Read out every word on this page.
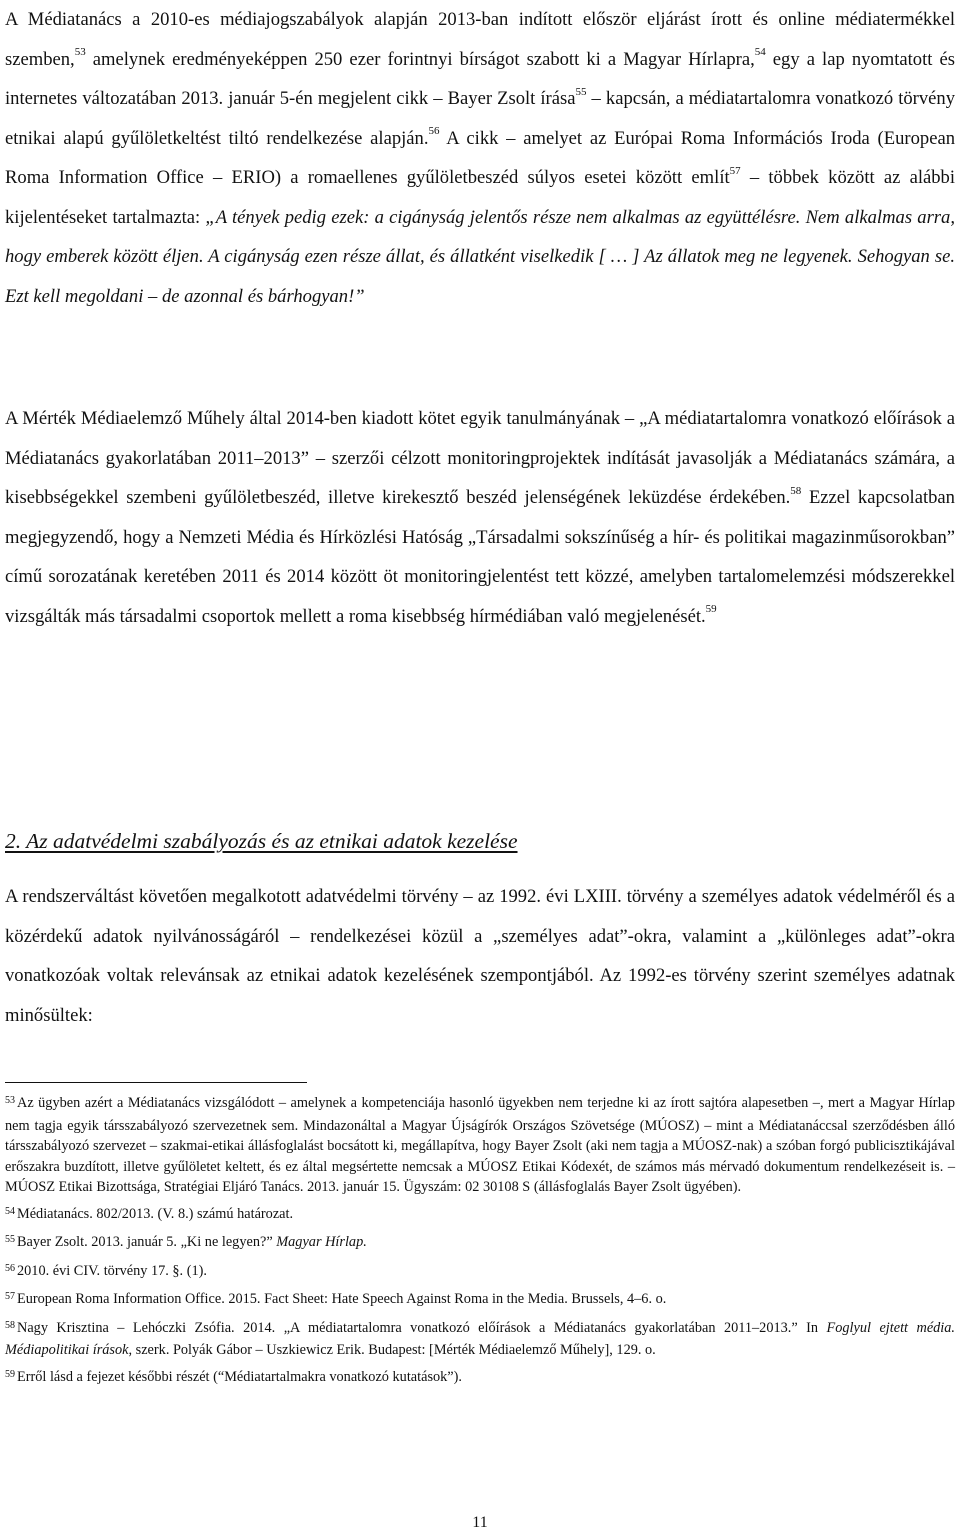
A Médiatanács a 2010-es médiajogszabályok alapján 2013-ban indított először eljárást írott és online médiatermékkel szemben,$^{53}$ amelynek eredményeképpen 250 ezer forintnyi bírságot szabott ki a Magyar Hírlapra,$^{54}$ egy a lap nyomtatott és internetes változatában 2013. január 5-én megjelent cikk – Bayer Zsolt írása$^{55}$ – kapcsán, a médiatartalomra vonatkozó törvény etnikai alapú gyűlöletkeltést tiltó rendelkezése alapján.$^{56}$ A cikk – amelyet az Európai Roma Információs Iroda (European Roma Information Office – ERIO) a romaellenes gyűlöletbeszéd súlyos esetei között említ$^{57}$ – többek között az alábbi kijelentéseket tartalmazta: „A tények pedig ezek: a cigányság jelentős része nem alkalmas az együttélésre. Nem alkalmas arra, hogy emberek között éljen. A cigányság ezen része állat, és állatként viselkedik [ … ] Az állatok meg ne legyenek. Sehogyan se. Ezt kell megoldani – de azonnal és bárhogyan!”

A Mérték Médiaelemző Műhely által 2014-ben kiadott kötet egyik tanulmányának – „A médiatartalomra vonatkozó előírások a Médiatanács gyakorlatában 2011–2013” – szerzői célzott monitoringprojektek indítását javasolják a Médiatanács számára, a kisebbségekkel szembeni gyűlöletbeszéd, illetve kirekesztő beszéd jelenségének leküzdése érdekében.$^{58}$ Ezzel kapcsolatban megjegyzendő, hogy a Nemzeti Média és Hírközlési Hatóság „Társadalmi sokszínűség a hír- és politikai magazinműsorokban” című sorozatának keretében 2011 és 2014 között öt monitoringjelentést tett közzé, amelyben tartalomelemzési módszerekkel vizsgálták más társadalmi csoportok mellett a roma kisebbség hírmédiában való megjelenését.$^{59}$

2. Az adatvédelmi szabályozás és az etnikai adatok kezelése

A rendszerváltást követően megalkotott adatvédelmi törvény – az 1992. évi LXIII. törvény a személyes adatok védelméről és a közérdekű adatok nyilvánosságáról – rendelkezései közül a „személyes adat”-okra, valamint a „különleges adat”-okra vonatkozóak voltak relevánsak az etnikai adatok kezelésének szempontjából. Az 1992-es törvény szerint személyes adatnak minősültek:

$^{53}$ Az ügyben azért a Médiatanács vizsgálódott – amelynek a kompetenciája hasonló ügyekben nem terjedne ki az írott sajtóra alapesetben –, mert a Magyar Hírlap nem tagja egyik társszabályozó szervezetnek sem. Mindazonáltal a Magyar Újságírók Országos Szövetsége (MÚOSZ) – mint a Médiatanáccsal szerződésben álló társszabályozó szervezet – szakmai-etikai állásfoglalást bocsátott ki, megállapítva, hogy Bayer Zsolt (aki nem tagja a MÚOSZ-nak) a szóban forgó publicisztikájával erőszakra buzdított, illetve gyűlöletet keltett, és ez által megsértette nemcsak a MÚOSZ Etikai Kódexét, de számos más mérvadó dokumentum rendelkezéseit is. –MÚOSZ Etikai Bizottsága, Stratégiai Eljáró Tanács. 2013. január 15. Ügyszám: 02 30108 S (állásfoglalás Bayer Zsolt ügyében).

$^{54}$ Médiatanács. 802/2013. (V. 8.) számú határozat.

$^{55}$ Bayer Zsolt. 2013. január 5. „Ki ne legyen?” Magyar Hírlap.

$^{56}$ 2010. évi CIV. törvény 17. §. (1).

$^{57}$ European Roma Information Office. 2015. Fact Sheet: Hate Speech Against Roma in the Media. Brussels, 4–6. o.

$^{58}$ Nagy Krisztina – Lehóczki Zsófia. 2014. „A médiatartalomra vonatkozó előírások a Médiatanács gyakorlatában 2011–2013.” In Foglyul ejtett média. Médiapolitikai írások, szerk. Polyák Gábor – Uszkiewicz Erik. Budapest: [Mérték Médiaelemző Műhely], 129. o.

$^{59}$ Erről lásd a fejezet későbbi részét (“Médiatartalmakra vonatkozó kutatások”).

11
